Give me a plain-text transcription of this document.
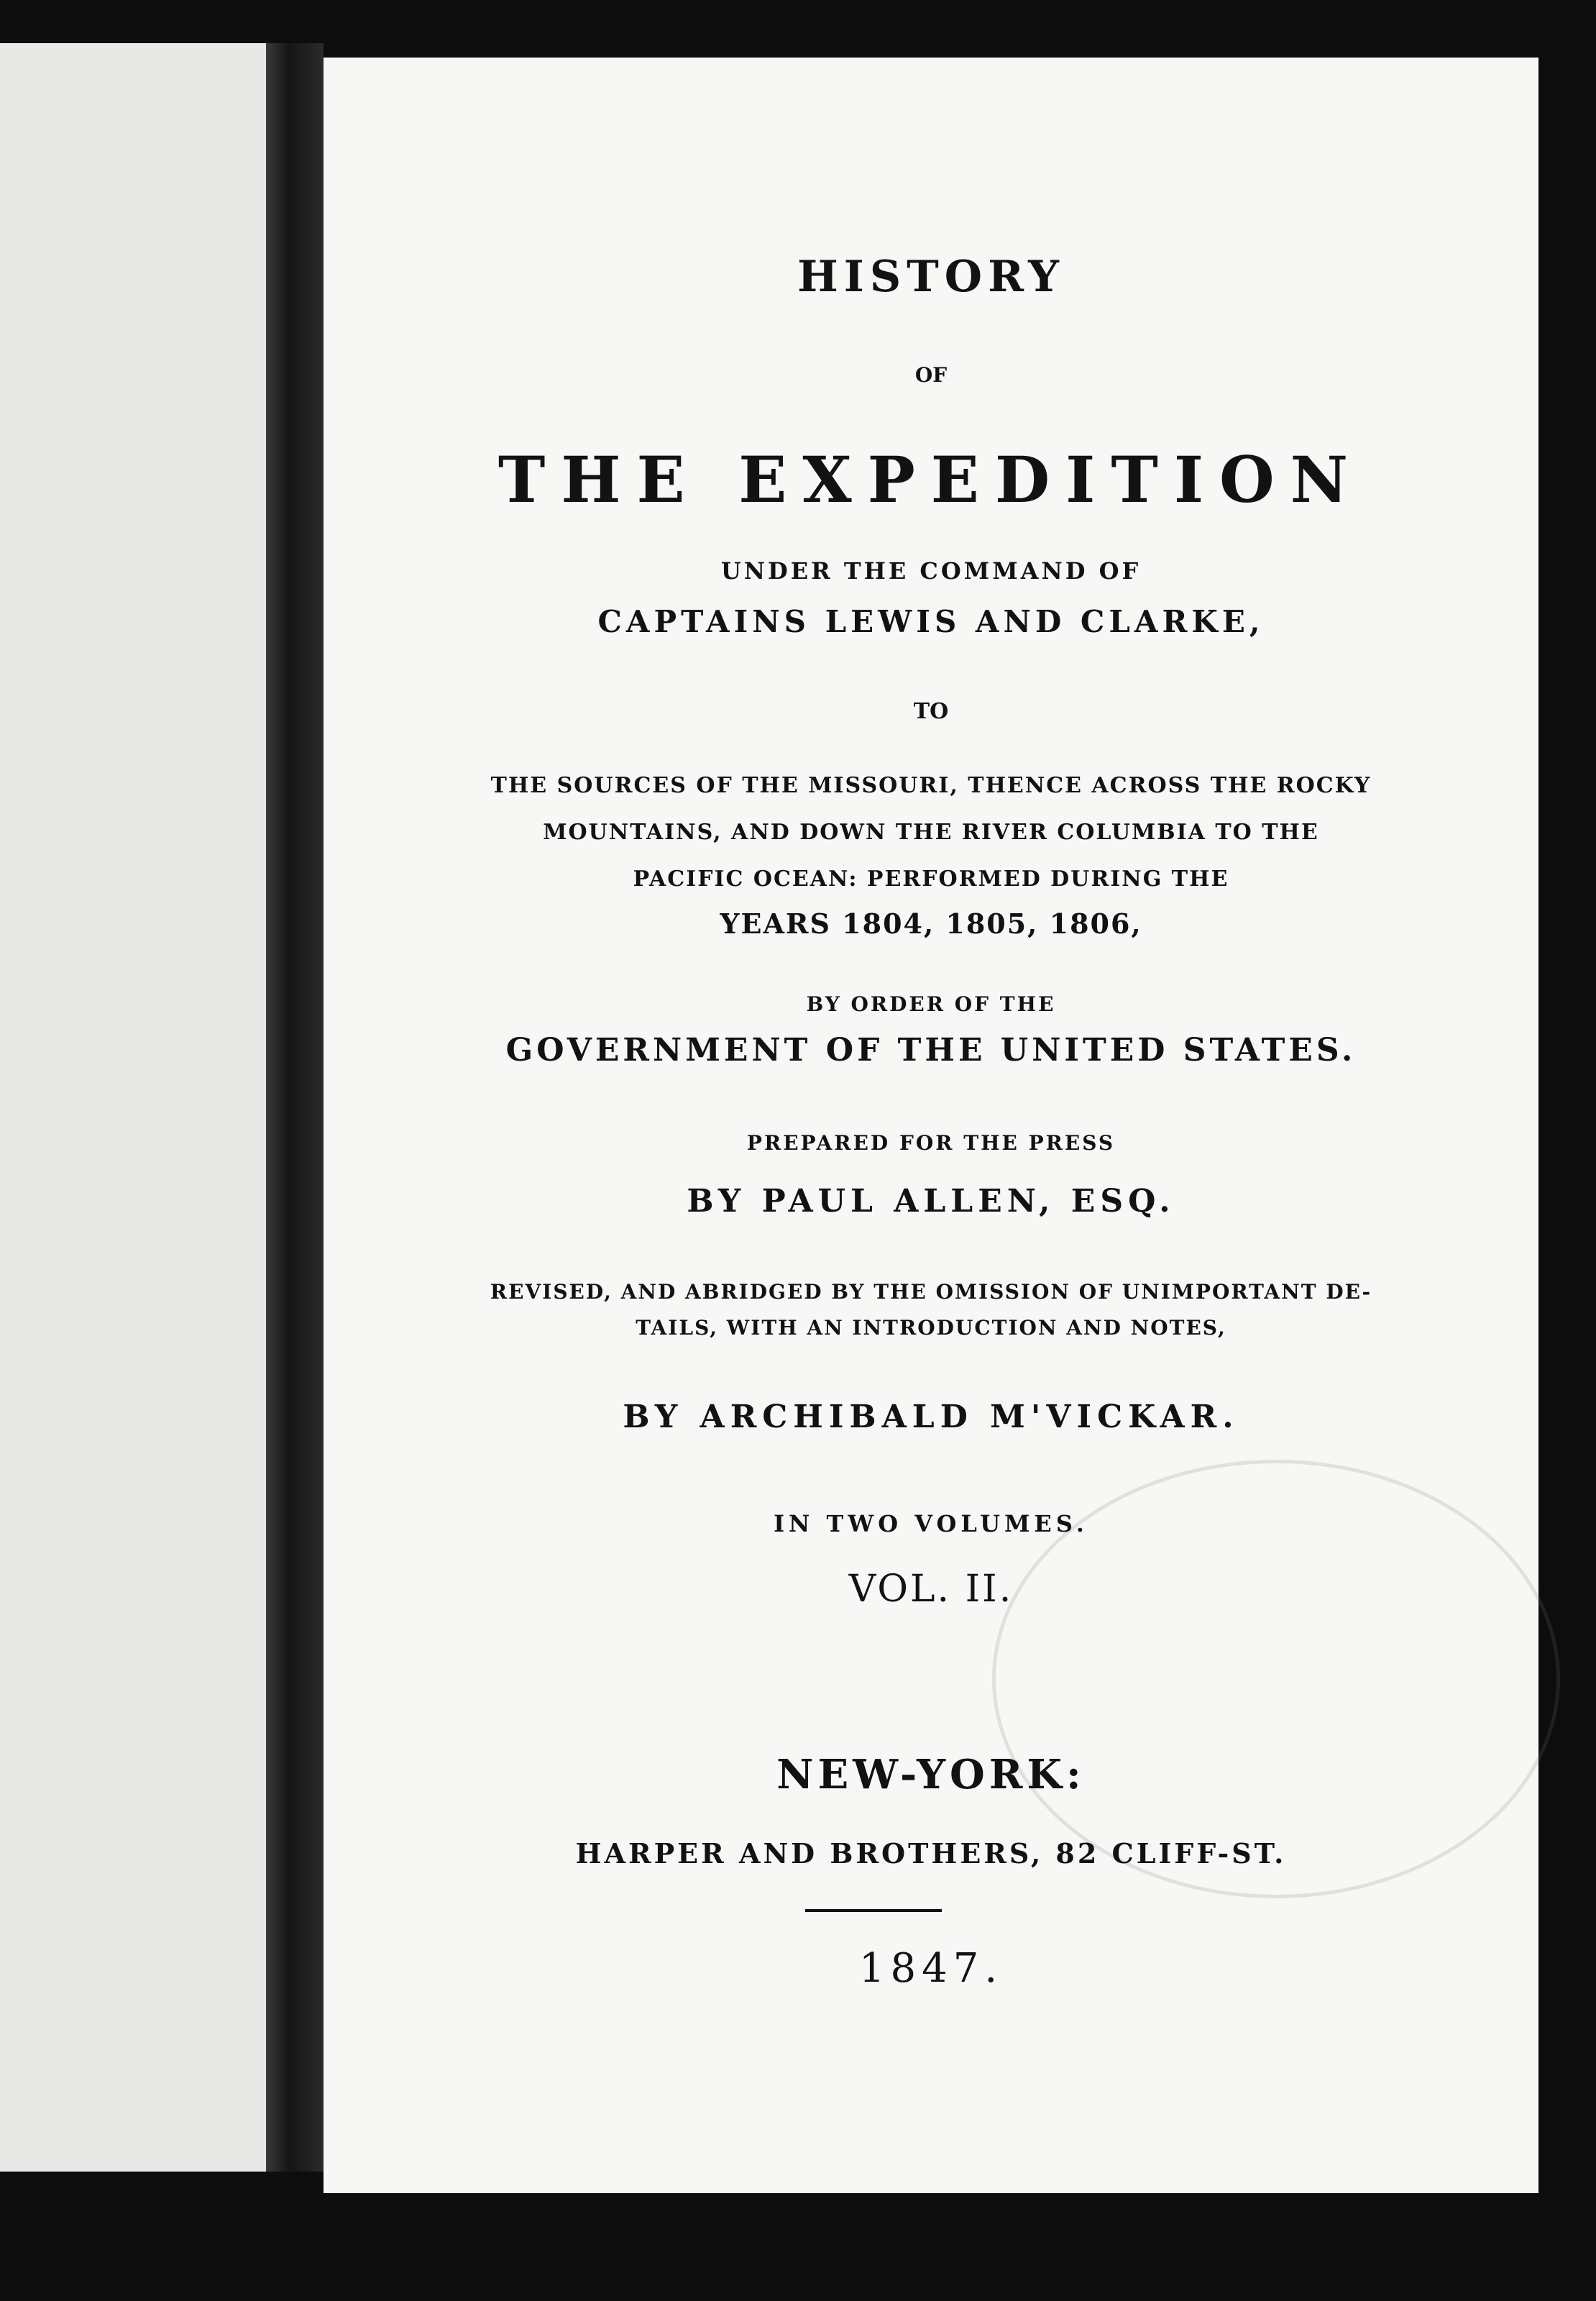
HISTORY
OF
THE EXPEDITION
UNDER THE COMMAND OF
CAPTAINS LEWIS AND CLARKE,
TO
THE SOURCES OF THE MISSOURI, THENCE ACROSS THE ROCKY
MOUNTAINS, AND DOWN THE RIVER COLUMBIA TO THE
PACIFIC OCEAN: PERFORMED DURING THE
YEARS 1804, 1805, 1806,
BY ORDER OF THE
GOVERNMENT OF THE UNITED STATES.
PREPARED FOR THE PRESS
BY PAUL ALLEN, ESQ.
REVISED, AND ABRIDGED BY THE OMISSION OF UNIMPORTANT DE-
TAILS, WITH AN INTRODUCTION AND NOTES,
BY ARCHIBALD M'VICKAR.
IN TWO VOLUMES.
VOL. II.
NEW-YORK:
HARPER AND BROTHERS, 82 CLIFF-ST.
1847.
